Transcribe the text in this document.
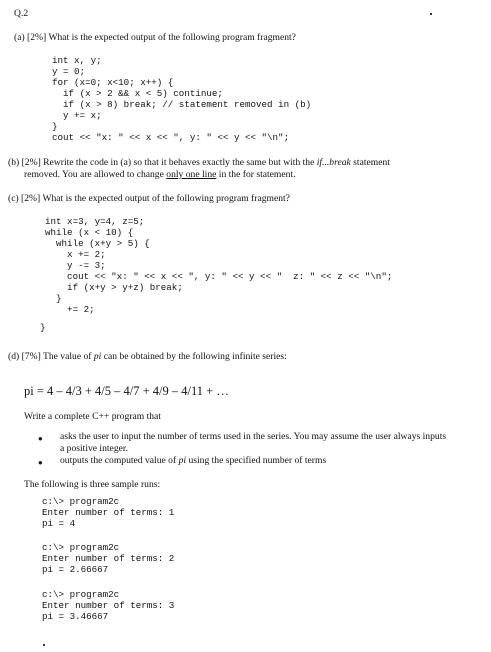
Q.2
(a) [2%] What is the expected output of the following program fragment?
int x, y;
y = 0;
for (x=0; x<10; x++) {
if (x > 2 && x < 5) continue;
if (x > 8) break; // statement removed in (b)
y += x;
}
cout << "x: " << x << ", y: " << y << "\n";
(b) [2%] Rewrite the code in (a) so that it behaves exactly the same but with the if...break statement
removed. You are allowed to change only one line in the for statement.
(c) [2%] What is the expected output of the following program fragment?
int x=3, y=4, z=5;
while (x < 10) {
while (x+y > 5) {
x += 2;
y -= 3;
cout << "x: " << x << ", y: " << y << "  z: " << z << "\n";
if (x+y > y+z) break;
}
+= 2;
}
(d) [7%] The value of pi can be obtained by the following infinite series:
pi = 4 – 4/3 + 4/5 – 4/7 + 4/9 – 4/11 + …
Write a complete C++ program that
● asks the user to input the number of terms used in the series. You may assume the user always inputs
a positive integer.
● outputs the computed value of pi using the specified number of terms
The following is three sample runs:
c:\> program2c
Enter number of terms: 1
pi = 4
c:\> program2c
Enter number of terms: 2
pi = 2.66667
c:\> program2c
Enter number of terms: 3
pi = 3.46667
